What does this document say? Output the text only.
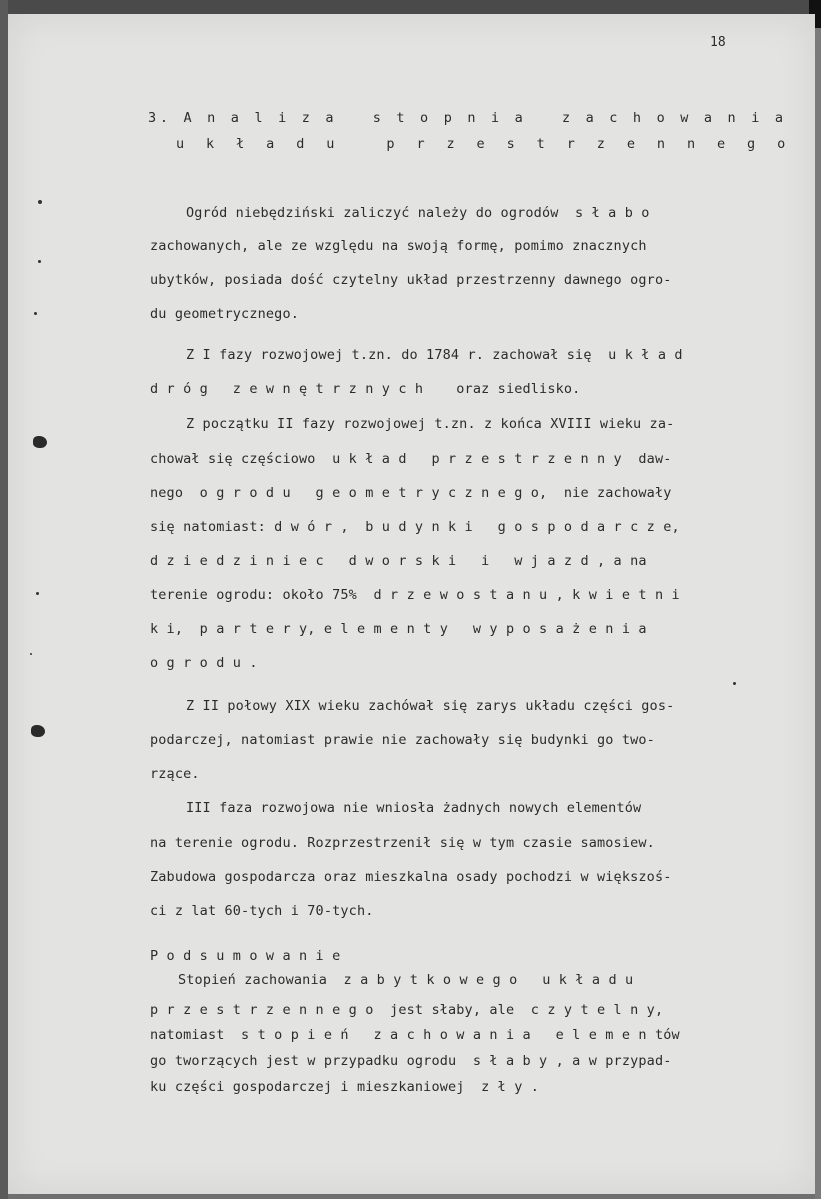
18

3. A n a l i z a   s t o p n i a   z a c h o w a n i a

u k ł a d u   p r z e s t r z e n n e g o

Ogród niebędziński zaliczyć należy do ogrodów  s ł a b o

zachowanych, ale ze względu na swoją formę, pomimo znacznych

ubytków, posiada dość czytelny układ przestrzenny dawnego ogro-

du geometrycznego.

Z I fazy rozwojowej t.zn. do 1784 r. zachował się  u k ł a d

d r ó g   z e w n ę t r z n y c h    oraz siedlisko.

Z początku II fazy rozwojowej t.zn. z końca XVIII wieku za-

chował się częściowo  u k ł a d   p r z e s t r z e n n y  daw-

nego  o g r o d u   g e o m e t r y c z n e g o,  nie zachowały

się natomiast: d w ó r ,  b u d y n k i   g o s p o d a r c z e,

d z i e d z i n i e c   d w o r s k i   i   w j a z d , a na

terenie ogrodu: około 75%  d r z e w o s t a n u , k w i e t n i

k i,  p a r t e r y, e l e m e n t y   w y p o s a ż e n i a

o g r o d u .

Z II połowy XIX wieku zachówał się zarys układu części gos-

podarczej, natomiast prawie nie zachowały się budynki go two-

rzące.

III faza rozwojowa nie wniosła żadnych nowych elementów

na terenie ogrodu. Rozprzestrzenił się w tym czasie samosiew.

Zabudowa gospodarcza oraz mieszkalna osady pochodzi w większoś-

ci z lat 60-tych i 70-tych.

P o d s u m o w a n i e

Stopień zachowania  z a b y t k o w e g o   u k ł a d u

p r z e s t r z e n n e g o  jest słaby, ale  c z y t e l n y,

natomiast  s t o p i e ń   z a c h o w a n i a   e l e m e n tów

go tworzących jest w przypadku ogrodu  s ł a b y , a w przypad-

ku części gospodarczej i mieszkaniowej  z ł y .
